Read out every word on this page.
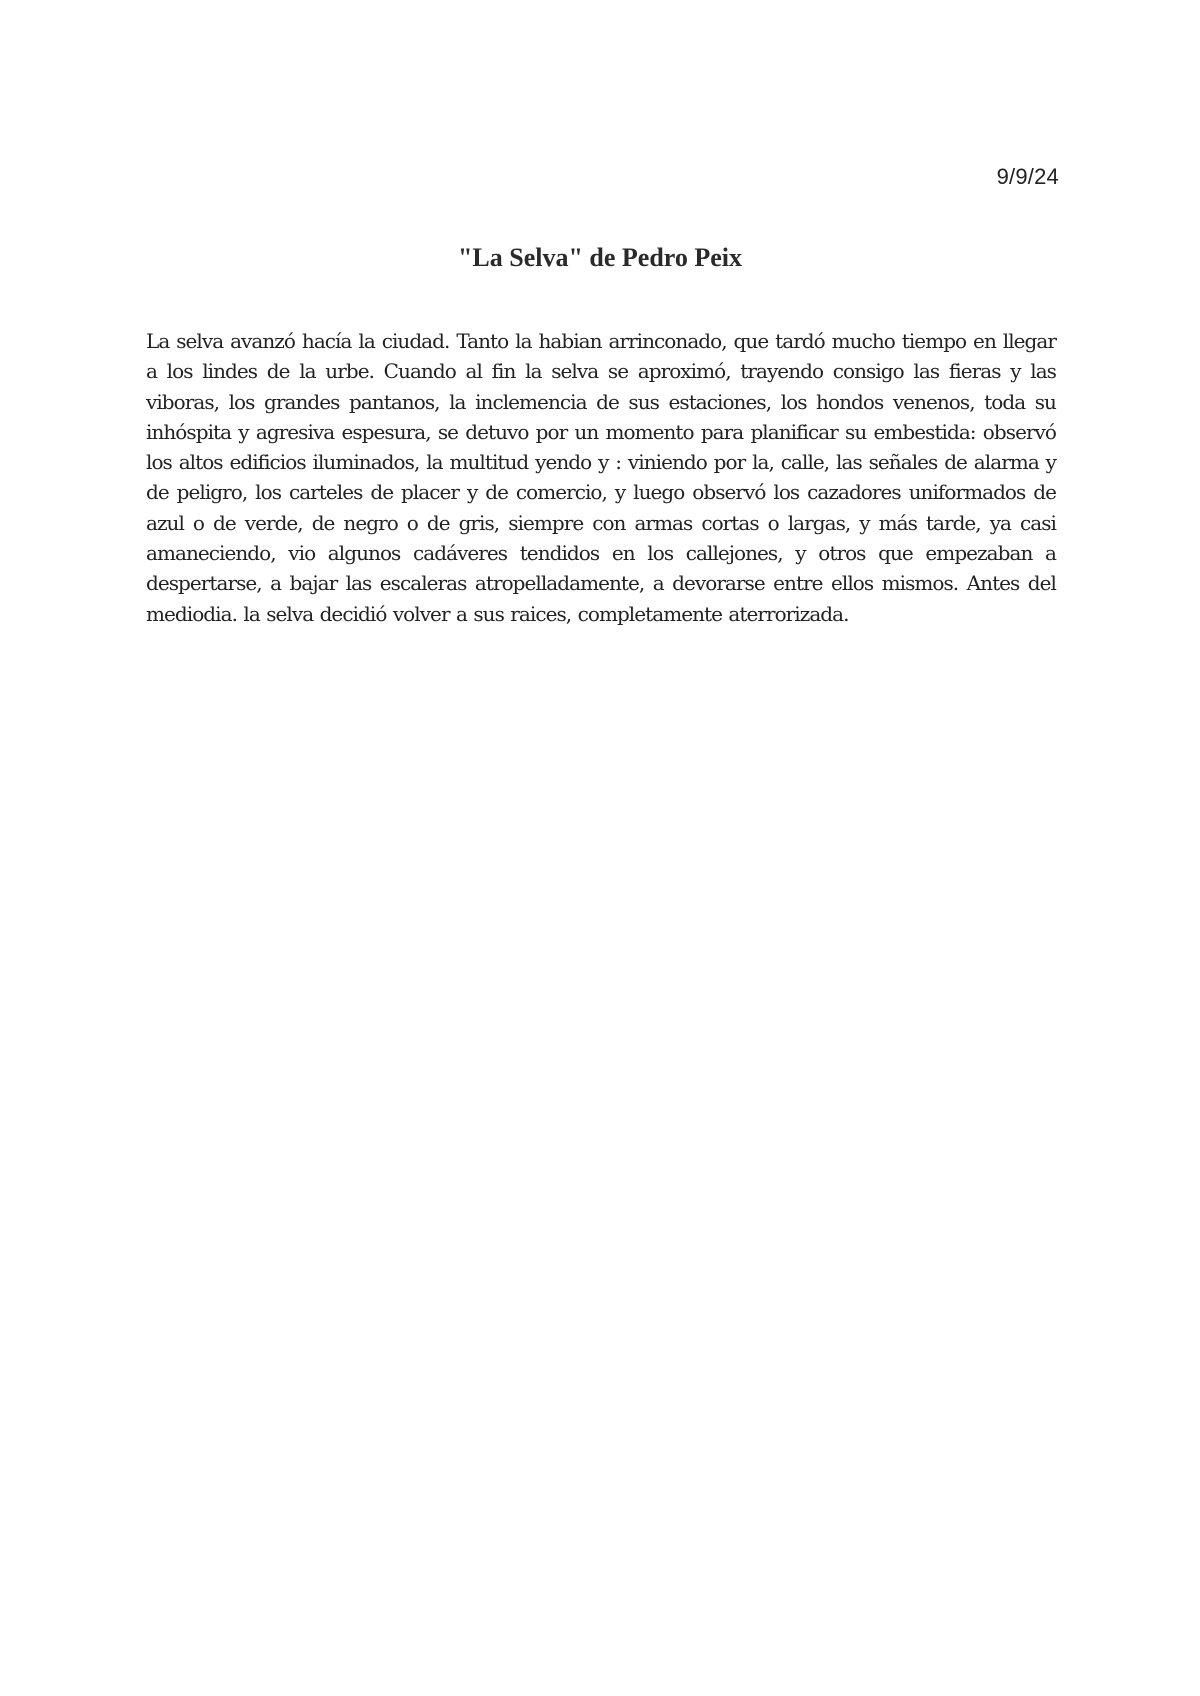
9/9/24
"La Selva" de Pedro Peix

La selva avanzó hacía la ciudad. Tanto la habian arrinconado, que tardó mucho tiempo en llegar a los lindes de la urbe. Cuando al fin la selva se aproximó, trayendo consigo las fieras y las viboras, los grandes pantanos, la inclemencia de sus estaciones, los hondos venenos, toda su inhóspita y agresiva espesura, se detuvo por un momento para planificar su embestida: observó los altos edificios iluminados, la multitud yendo y : viniendo por la, calle, las señales de alarma y de peligro, los carteles de placer y de comercio, y luego observó los cazadores uniformados de azul o de verde, de negro o de gris, siempre con armas cortas o largas, y más tarde, ya casi amaneciendo, vio algunos cadáveres tendidos en los callejones, y otros que empezaban a despertarse, a bajar las escaleras atropelladamente, a devorarse entre ellos mismos. Antes del mediodia. la selva decidió volver a sus raices, completamente aterrorizada.
